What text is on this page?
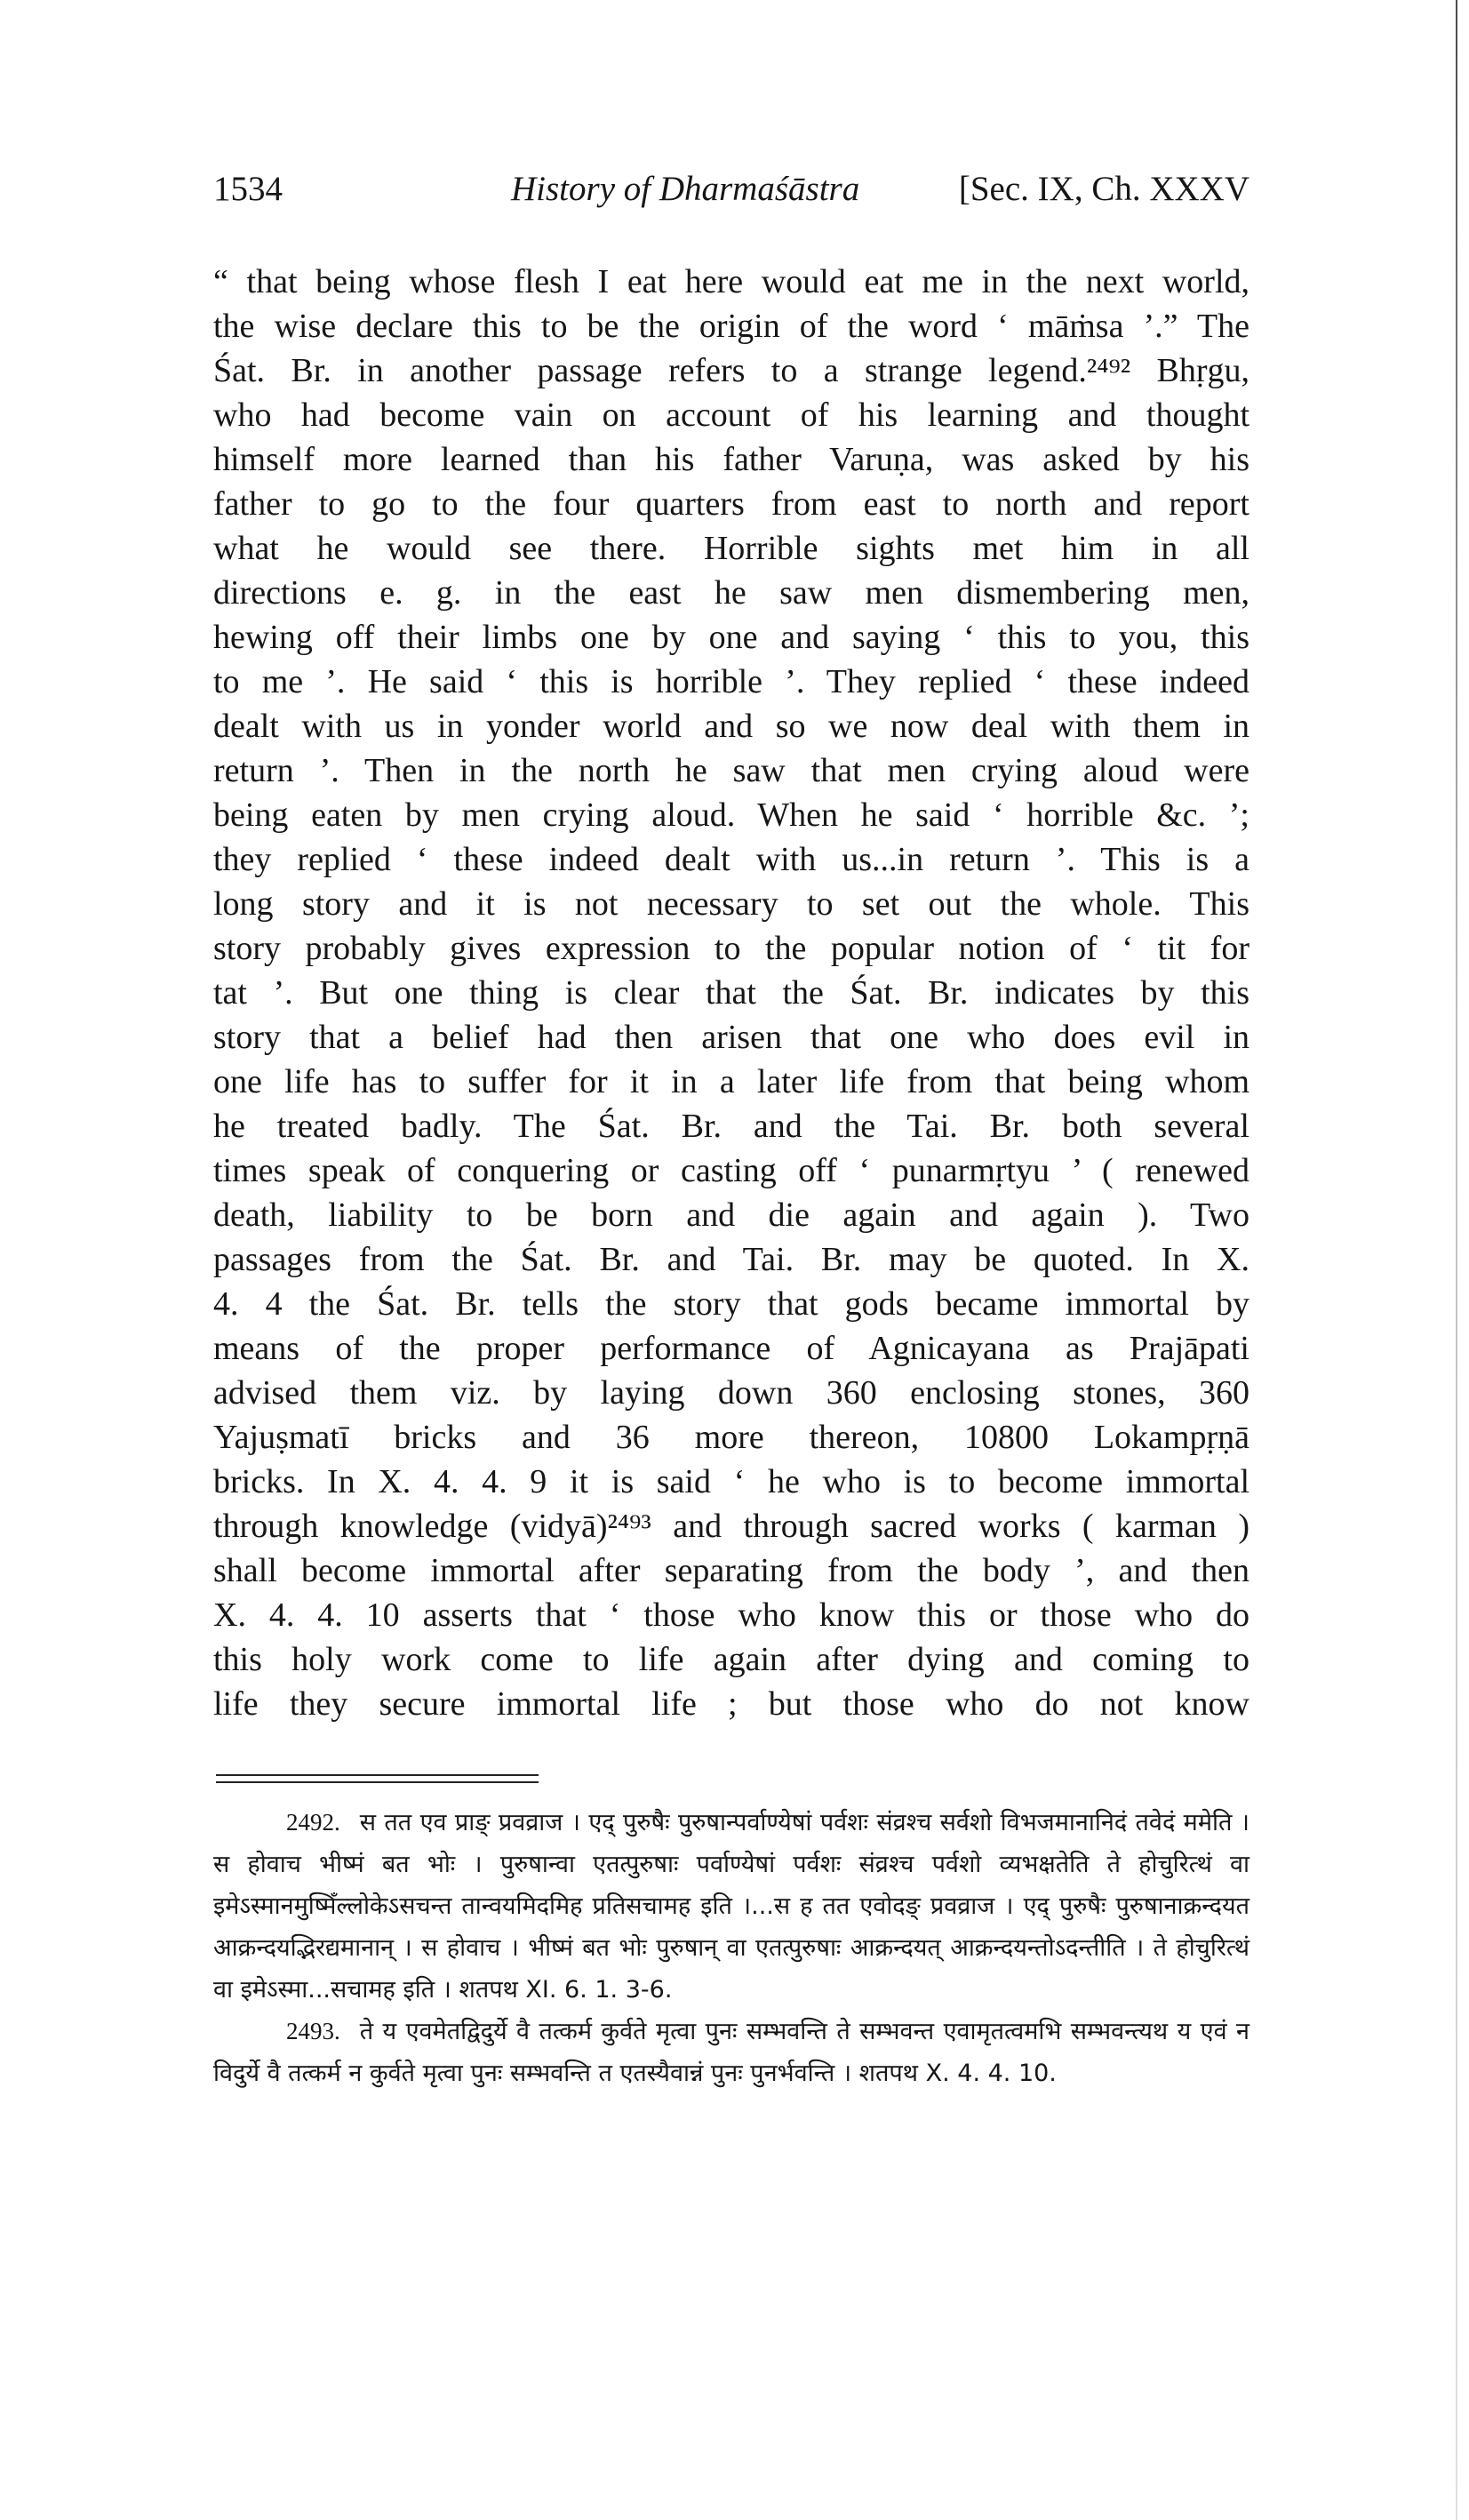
1534	History of Dharmaśāstra	[Sec. IX, Ch. XXXV
“ that being whose flesh I eat here would eat me in the next world,
the wise declare this to be the origin of the word ‘ māṁsa ’.” The
Śat. Br. in another passage refers to a strange legend.²⁴⁹² Bhṛgu,
who had become vain on account of his learning and thought
himself more learned than his father Varuṇa, was asked by his
father to go to the four quarters from east to north and report
what he would see there. Horrible sights met him in all
directions e. g. in the east he saw men dismembering men,
hewing off their limbs one by one and saying ‘ this to you, this
to me ’. He said ‘ this is horrible ’. They replied ‘ these indeed
dealt with us in yonder world and so we now deal with them in
return ’. Then in the north he saw that men crying aloud were
being eaten by men crying aloud. When he said ‘ horrible &c. ’;
they replied ‘ these indeed dealt with us...in return ’. This is a
long story and it is not necessary to set out the whole. This
story probably gives expression to the popular notion of ‘ tit for
tat ’. But one thing is clear that the Śat. Br. indicates by this
story that a belief had then arisen that one who does evil in
one life has to suffer for it in a later life from that being whom
he treated badly. The Śat. Br. and the Tai. Br. both several
times speak of conquering or casting off ‘ punarmṛtyu ’ ( renewed
death, liability to be born and die again and again ). Two
passages from the Śat. Br. and Tai. Br. may be quoted. In X.
4. 4 the Śat. Br. tells the story that gods became immortal by
means of the proper performance of Agnicayana as Prajāpati
advised them viz. by laying down 360 enclosing stones, 360
Yajuṣmatī bricks and 36 more thereon, 10800 Lokampṛṇā
bricks. In X. 4. 4. 9 it is said ‘ he who is to become immortal
through knowledge (vidyā)²⁴⁹³ and through sacred works ( karman )
shall become immortal after separating from the body ’, and then
X. 4. 4. 10 asserts that ‘ those who know this or those who do
this holy work come to life again after dying and coming to
life they secure immortal life ; but those who do not know
2492. स तत एव प्राङ् प्रवव्राज । एद् पुरुषैः पुरुषान्पर्वाण्येषां पर्वशः संव्रश्च सर्वशो विभजमानानिदं तवेदं ममेति । स होवाच भीष्मं बत भोः । पुरुषान्वा एतत्पुरुषाः पर्वाण्येषां पर्वशः संव्रश्च पर्वशो व्यभक्षतेति ते होचुरित्थं वा इमेऽस्मानमुष्मिँल्लोकेऽसचन्त तान्वयमिदमिह प्रतिसचामह इति ।...स ह तत एवोदङ् प्रवव्राज । एद् पुरुषैः पुरुषानाक्रन्दयत आक्रन्दयद्भिरद्यमानान् । स होवाच । भीष्मं बत भोः पुरुषान् वा एतत्पुरुषाः आक्रन्दयत् आक्रन्दयन्तोऽदन्तीति । ते होचुरित्थं वा इमेऽस्मा...सचामह इति । शतपथ XI. 6. 1. 3-6.
2493. ते य एवमेतद्विदुर्ये वै तत्कर्म कुर्वते मृत्वा पुनः सम्भवन्ति ते सम्भवन्त एवामृतत्वमभि सम्भवन्त्यथ य एवं न विदुर्ये वै तत्कर्म न कुर्वते मृत्वा पुनः सम्भवन्ति त एतस्यैवान्नं पुनः पुनर्भवन्ति । शतपथ X. 4. 4. 10.
